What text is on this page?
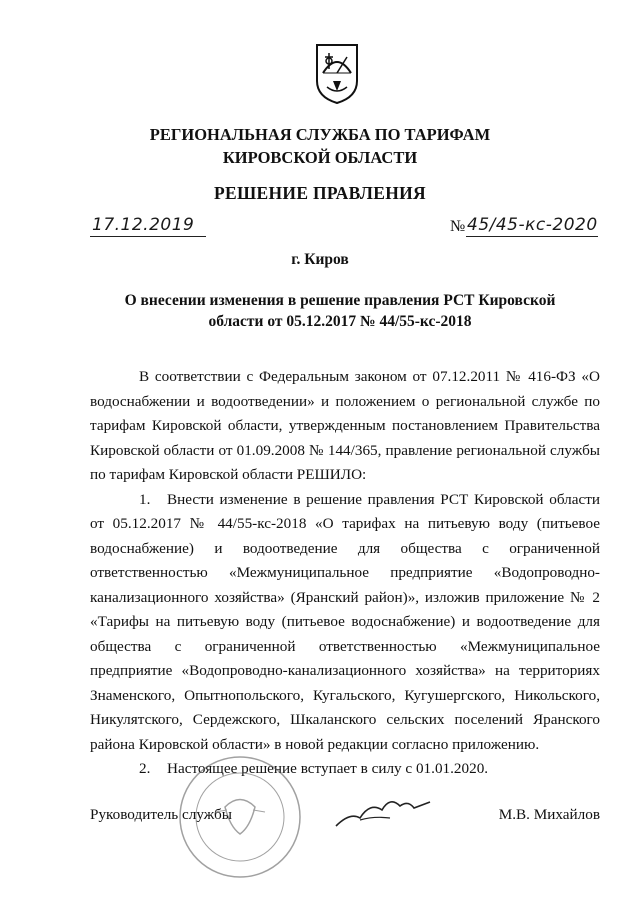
РЕГИОНАЛЬНАЯ СЛУЖБА ПО ТАРИФАМ
КИРОВСКОЙ ОБЛАСТИ
РЕШЕНИЕ ПРАВЛЕНИЯ
17.12.2019	№ 45/45-кс-2020
г. Киров
О внесении изменения в решение правления РСТ Кировской
области от 05.12.2017 № 44/55-кс-2018

В соответствии с Федеральным законом от 07.12.2011 № 416-ФЗ «О водоснабжении и водоотведении» и положением о региональной службе по тарифам Кировской области, утвержденным постановлением Правительства Кировской области от 01.09.2008 № 144/365, правление региональной службы по тарифам Кировской области РЕШИЛО:

1. Внести изменение в решение правления РСТ Кировской области от 05.12.2017 № 44/55-кс-2018 «О тарифах на питьевую воду (питьевое водоснабжение) и водоотведение для общества с ограниченной ответственностью «Межмуниципальное предприятие «Водопроводно-канализационного хозяйства» (Яранский район)», изложив приложение № 2 «Тарифы на питьевую воду (питьевое водоснабжение) и водоотведение для общества с ограниченной ответственностью «Межмуниципальное предприятие «Водопроводно-канализационного хозяйства» на территориях Знаменского, Опытнопольского, Кугальского, Кугушергского, Никольского, Никулятского, Сердежского, Шкаланского сельских поселений Яранского района Кировской области» в новой редакции согласно приложению.

2. Настоящее решение вступает в силу с 01.01.2020.

Руководитель службы	М.В. Михайлов
